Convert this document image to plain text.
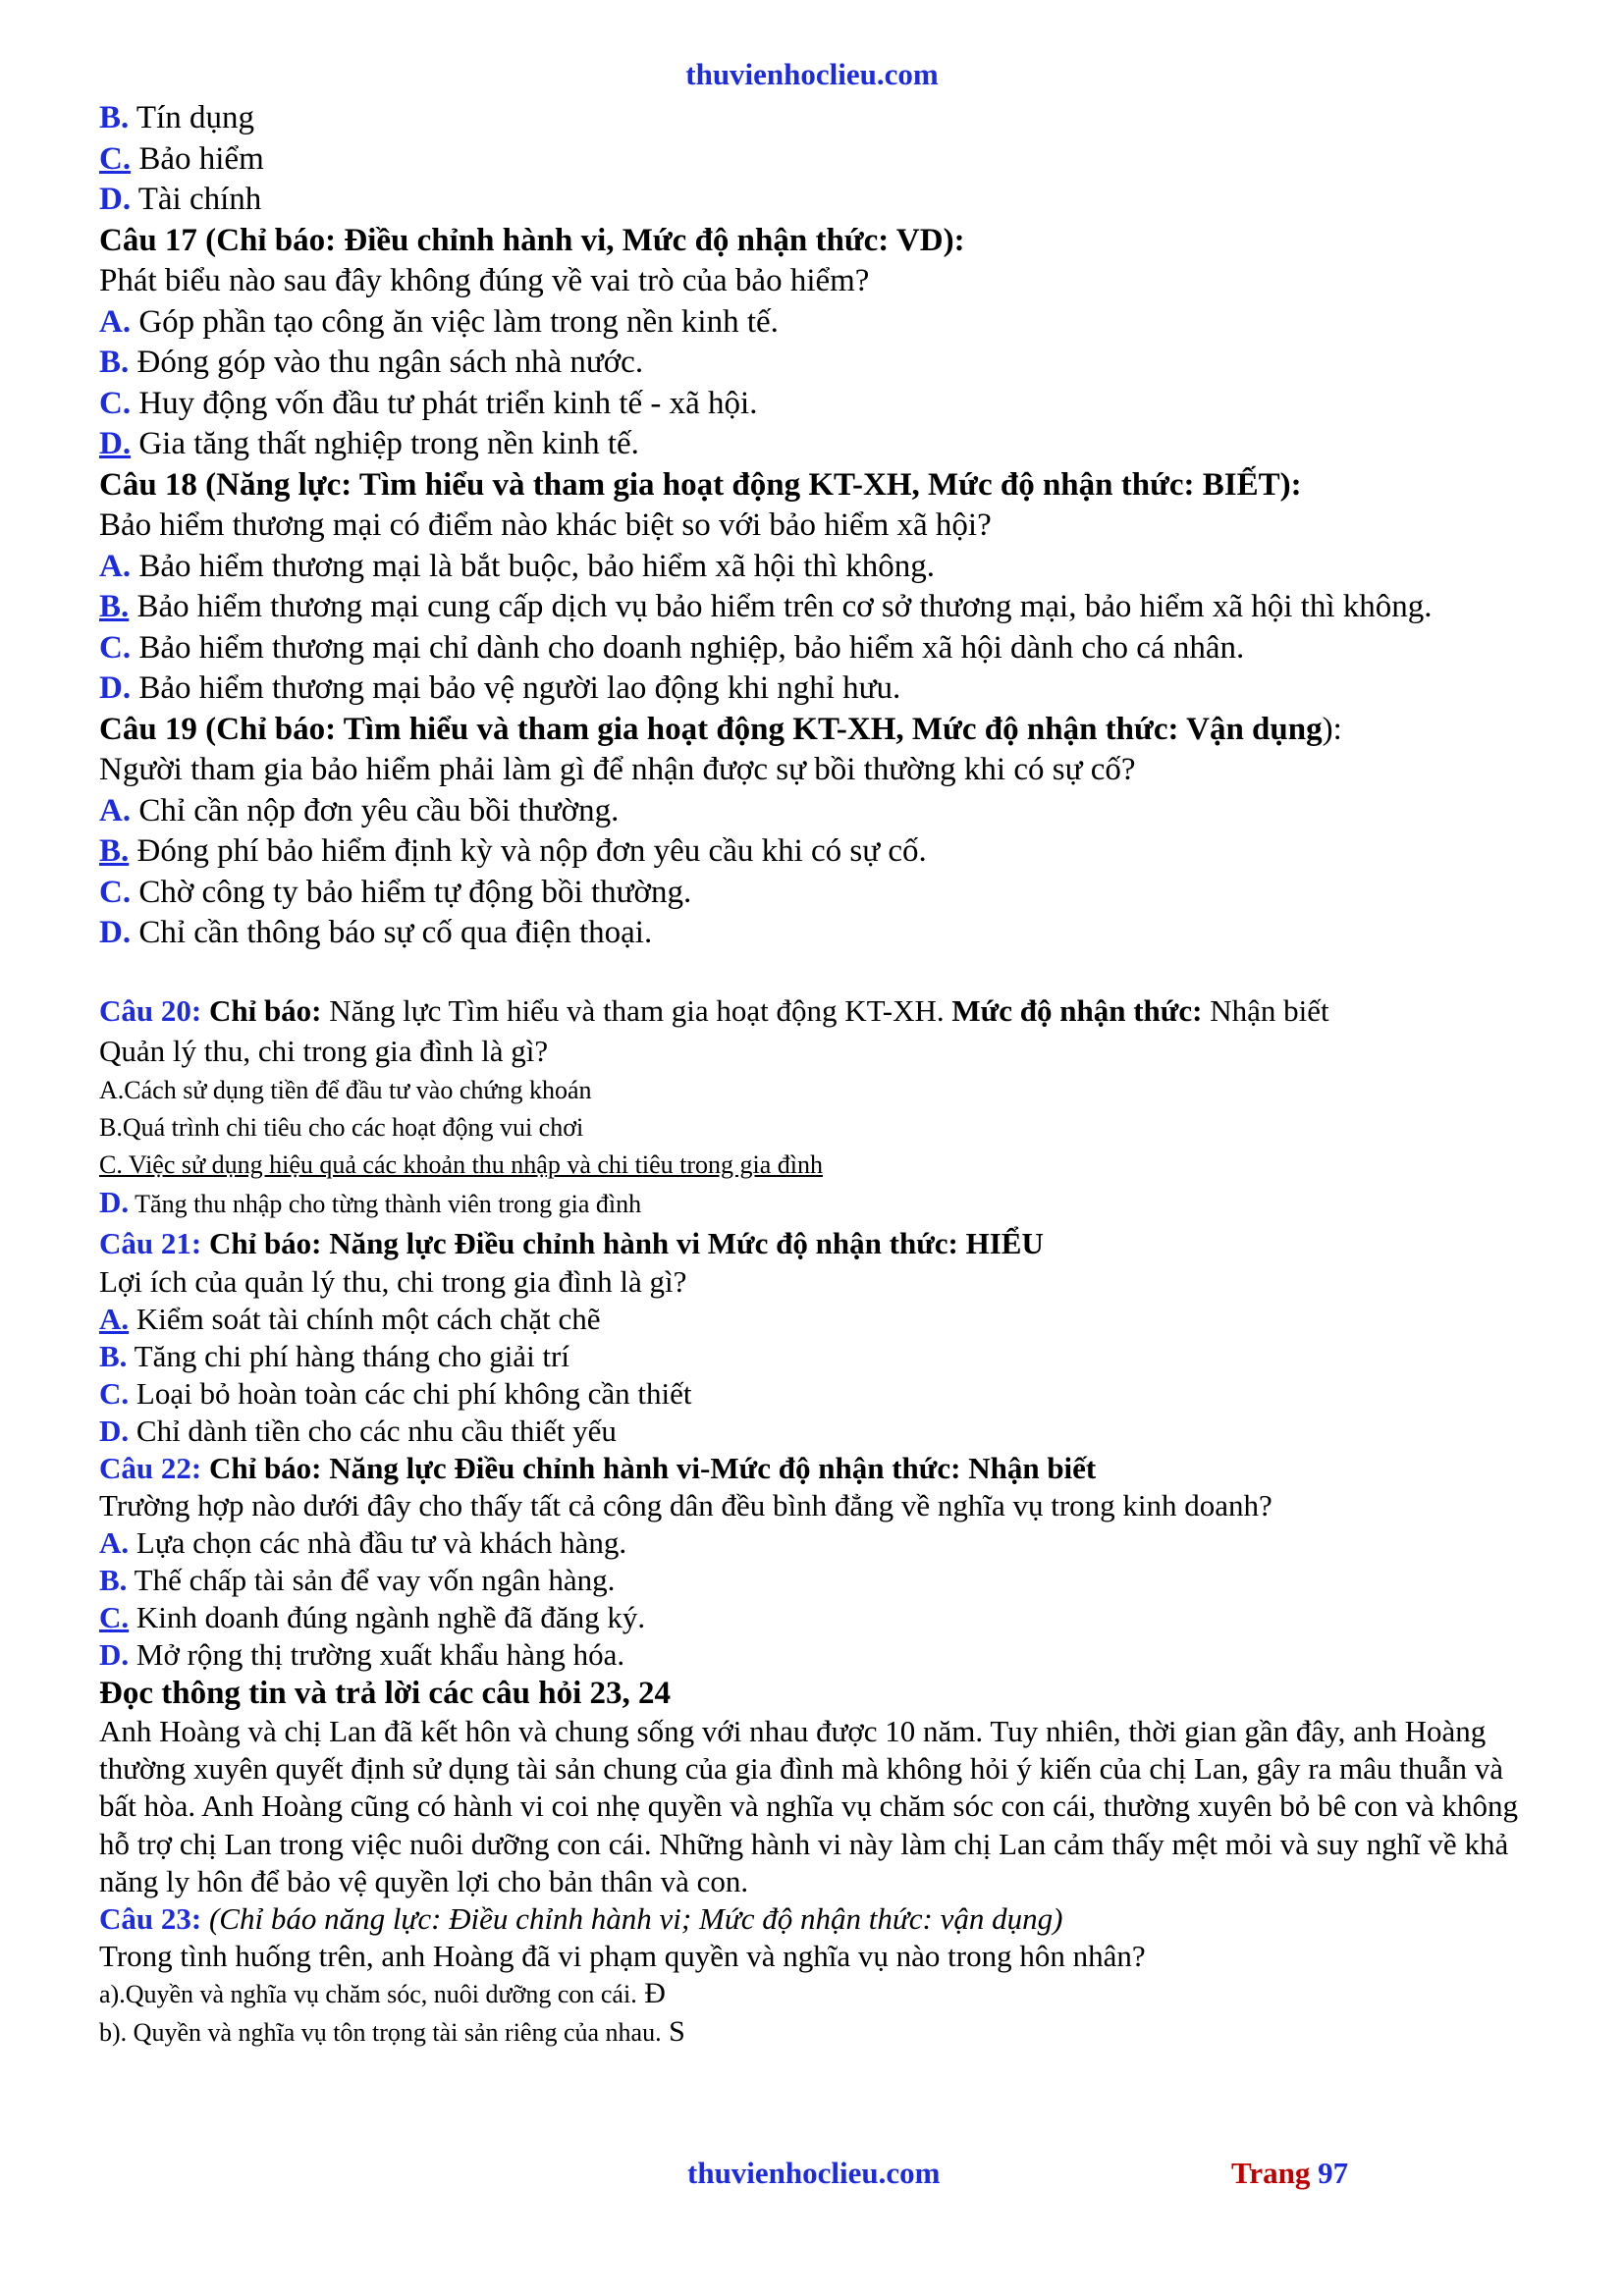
thuvienhoclieu.com
B. Tín dụng
C. Bảo hiểm
D. Tài chính
Câu 17 (Chỉ báo: Điều chỉnh hành vi, Mức độ nhận thức: VD):
Phát biểu nào sau đây không đúng về vai trò của bảo hiểm?
A. Góp phần tạo công ăn việc làm trong nền kinh tế.
B. Đóng góp vào thu ngân sách nhà nước.
C. Huy động vốn đầu tư phát triển kinh tế - xã hội.
D. Gia tăng thất nghiệp trong nền kinh tế.
Câu 18 (Năng lực: Tìm hiểu và tham gia hoạt động KT-XH, Mức độ nhận thức: BIẾT):
Bảo hiểm thương mại có điểm nào khác biệt so với bảo hiểm xã hội?
A. Bảo hiểm thương mại là bắt buộc, bảo hiểm xã hội thì không.
B. Bảo hiểm thương mại cung cấp dịch vụ bảo hiểm trên cơ sở thương mại, bảo hiểm xã hội thì không.
C. Bảo hiểm thương mại chỉ dành cho doanh nghiệp, bảo hiểm xã hội dành cho cá nhân.
D. Bảo hiểm thương mại bảo vệ người lao động khi nghỉ hưu.
Câu 19 (Chỉ báo: Tìm hiểu và tham gia hoạt động KT-XH, Mức độ nhận thức: Vận dụng):
Người tham gia bảo hiểm phải làm gì để nhận được sự bồi thường khi có sự cố?
A. Chỉ cần nộp đơn yêu cầu bồi thường.
B. Đóng phí bảo hiểm định kỳ và nộp đơn yêu cầu khi có sự cố.
C. Chờ công ty bảo hiểm tự động bồi thường.
D. Chỉ cần thông báo sự cố qua điện thoại.
Câu 20: Chỉ báo: Năng lực Tìm hiểu và tham gia hoạt động KT-XH. Mức độ nhận thức: Nhận biết
Quản lý thu, chi trong gia đình là gì?
A.Cách sử dụng tiền để đầu tư vào chứng khoán
B.Quá trình chi tiêu cho các hoạt động vui chơi
C. Việc sử dụng hiệu quả các khoản thu nhập và chi tiêu trong gia đình
D. Tăng thu nhập cho từng thành viên trong gia đình
Câu 21: Chỉ báo: Năng lực Điều chỉnh hành vi Mức độ nhận thức: HIỂU
Lợi ích của quản lý thu, chi trong gia đình là gì?
A. Kiểm soát tài chính một cách chặt chẽ
B. Tăng chi phí hàng tháng cho giải trí
C. Loại bỏ hoàn toàn các chi phí không cần thiết
D. Chỉ dành tiền cho các nhu cầu thiết yếu
Câu 22: Chỉ báo: Năng lực Điều chỉnh hành vi-Mức độ nhận thức: Nhận biết
Trường hợp nào dưới đây cho thấy tất cả công dân đều bình đẳng về nghĩa vụ trong kinh doanh?
A. Lựa chọn các nhà đầu tư và khách hàng.
B. Thế chấp tài sản để vay vốn ngân hàng.
C. Kinh doanh đúng ngành nghề đã đăng ký.
D. Mở rộng thị trường xuất khẩu hàng hóa.
Đọc thông tin và trả lời các câu hỏi 23, 24
Anh Hoàng và chị Lan đã kết hôn và chung sống với nhau được 10 năm. Tuy nhiên, thời gian gần đây, anh Hoàng thường xuyên quyết định sử dụng tài sản chung của gia đình mà không hỏi ý kiến của chị Lan, gây ra mâu thuẫn và bất hòa. Anh Hoàng cũng có hành vi coi nhẹ quyền và nghĩa vụ chăm sóc con cái, thường xuyên bỏ bê con và không hỗ trợ chị Lan trong việc nuôi dưỡng con cái. Những hành vi này làm chị Lan cảm thấy mệt mỏi và suy nghĩ về khả năng ly hôn để bảo vệ quyền lợi cho bản thân và con.
Câu 23: (Chỉ báo năng lực: Điều chỉnh hành vi; Mức độ nhận thức: vận dụng)
Trong tình huống trên, anh Hoàng đã vi phạm quyền và nghĩa vụ nào trong hôn nhân?
a).Quyền và nghĩa vụ chăm sóc, nuôi dưỡng con cái. Đ
b). Quyền và nghĩa vụ tôn trọng tài sản riêng của nhau. S
thuvienhoclieu.com	Trang 97
